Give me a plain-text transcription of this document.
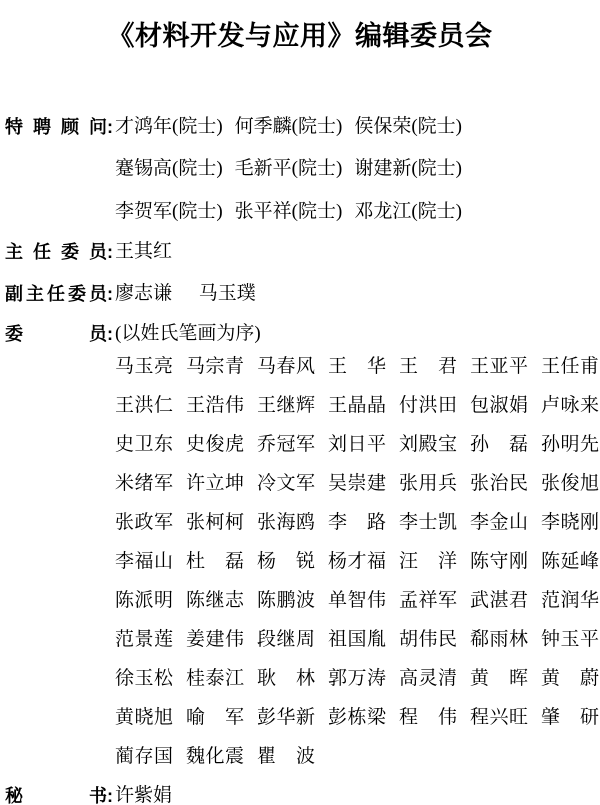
《材料开发与应用》编辑委员会
特聘顾问 : 才鸿年(院士) 何季麟(院士) 侯保荣(院士)
蹇锡高(院士) 毛新平(院士) 谢建新(院士)
李贺军(院士) 张平祥(院士) 邓龙江(院士)
主任委员 : 王其红
副主任委员 : 廖志谦 马玉璞
委员 : (以姓氏笔画为序)
马玉亮 马宗青 马春风 王华 王君 王亚平 王任甫
王洪仁 王浩伟 王继辉 王晶晶 付洪田 包淑娟 卢咏来
史卫东 史俊虎 乔冠军 刘日平 刘殿宝 孙磊 孙明先
米绪军 许立坤 冷文军 吴崇建 张用兵 张治民 张俊旭
张政军 张柯柯 张海鸥 李路 李士凯 李金山 李晓刚
李福山 杜磊 杨锐 杨才福 汪洋 陈守刚 陈延峰
陈派明 陈继志 陈鹏波 单智伟 孟祥军 武湛君 范润华
范景莲 姜建伟 段继周 祖国胤 胡伟民 郗雨林 钟玉平
徐玉松 桂泰江 耿林 郭万涛 高灵清 黄晖 黄蔚
黄晓旭 喻军 彭华新 彭栋梁 程伟 程兴旺 肇研
蔺存国 魏化震 瞿波
秘书 : 许紫娟
